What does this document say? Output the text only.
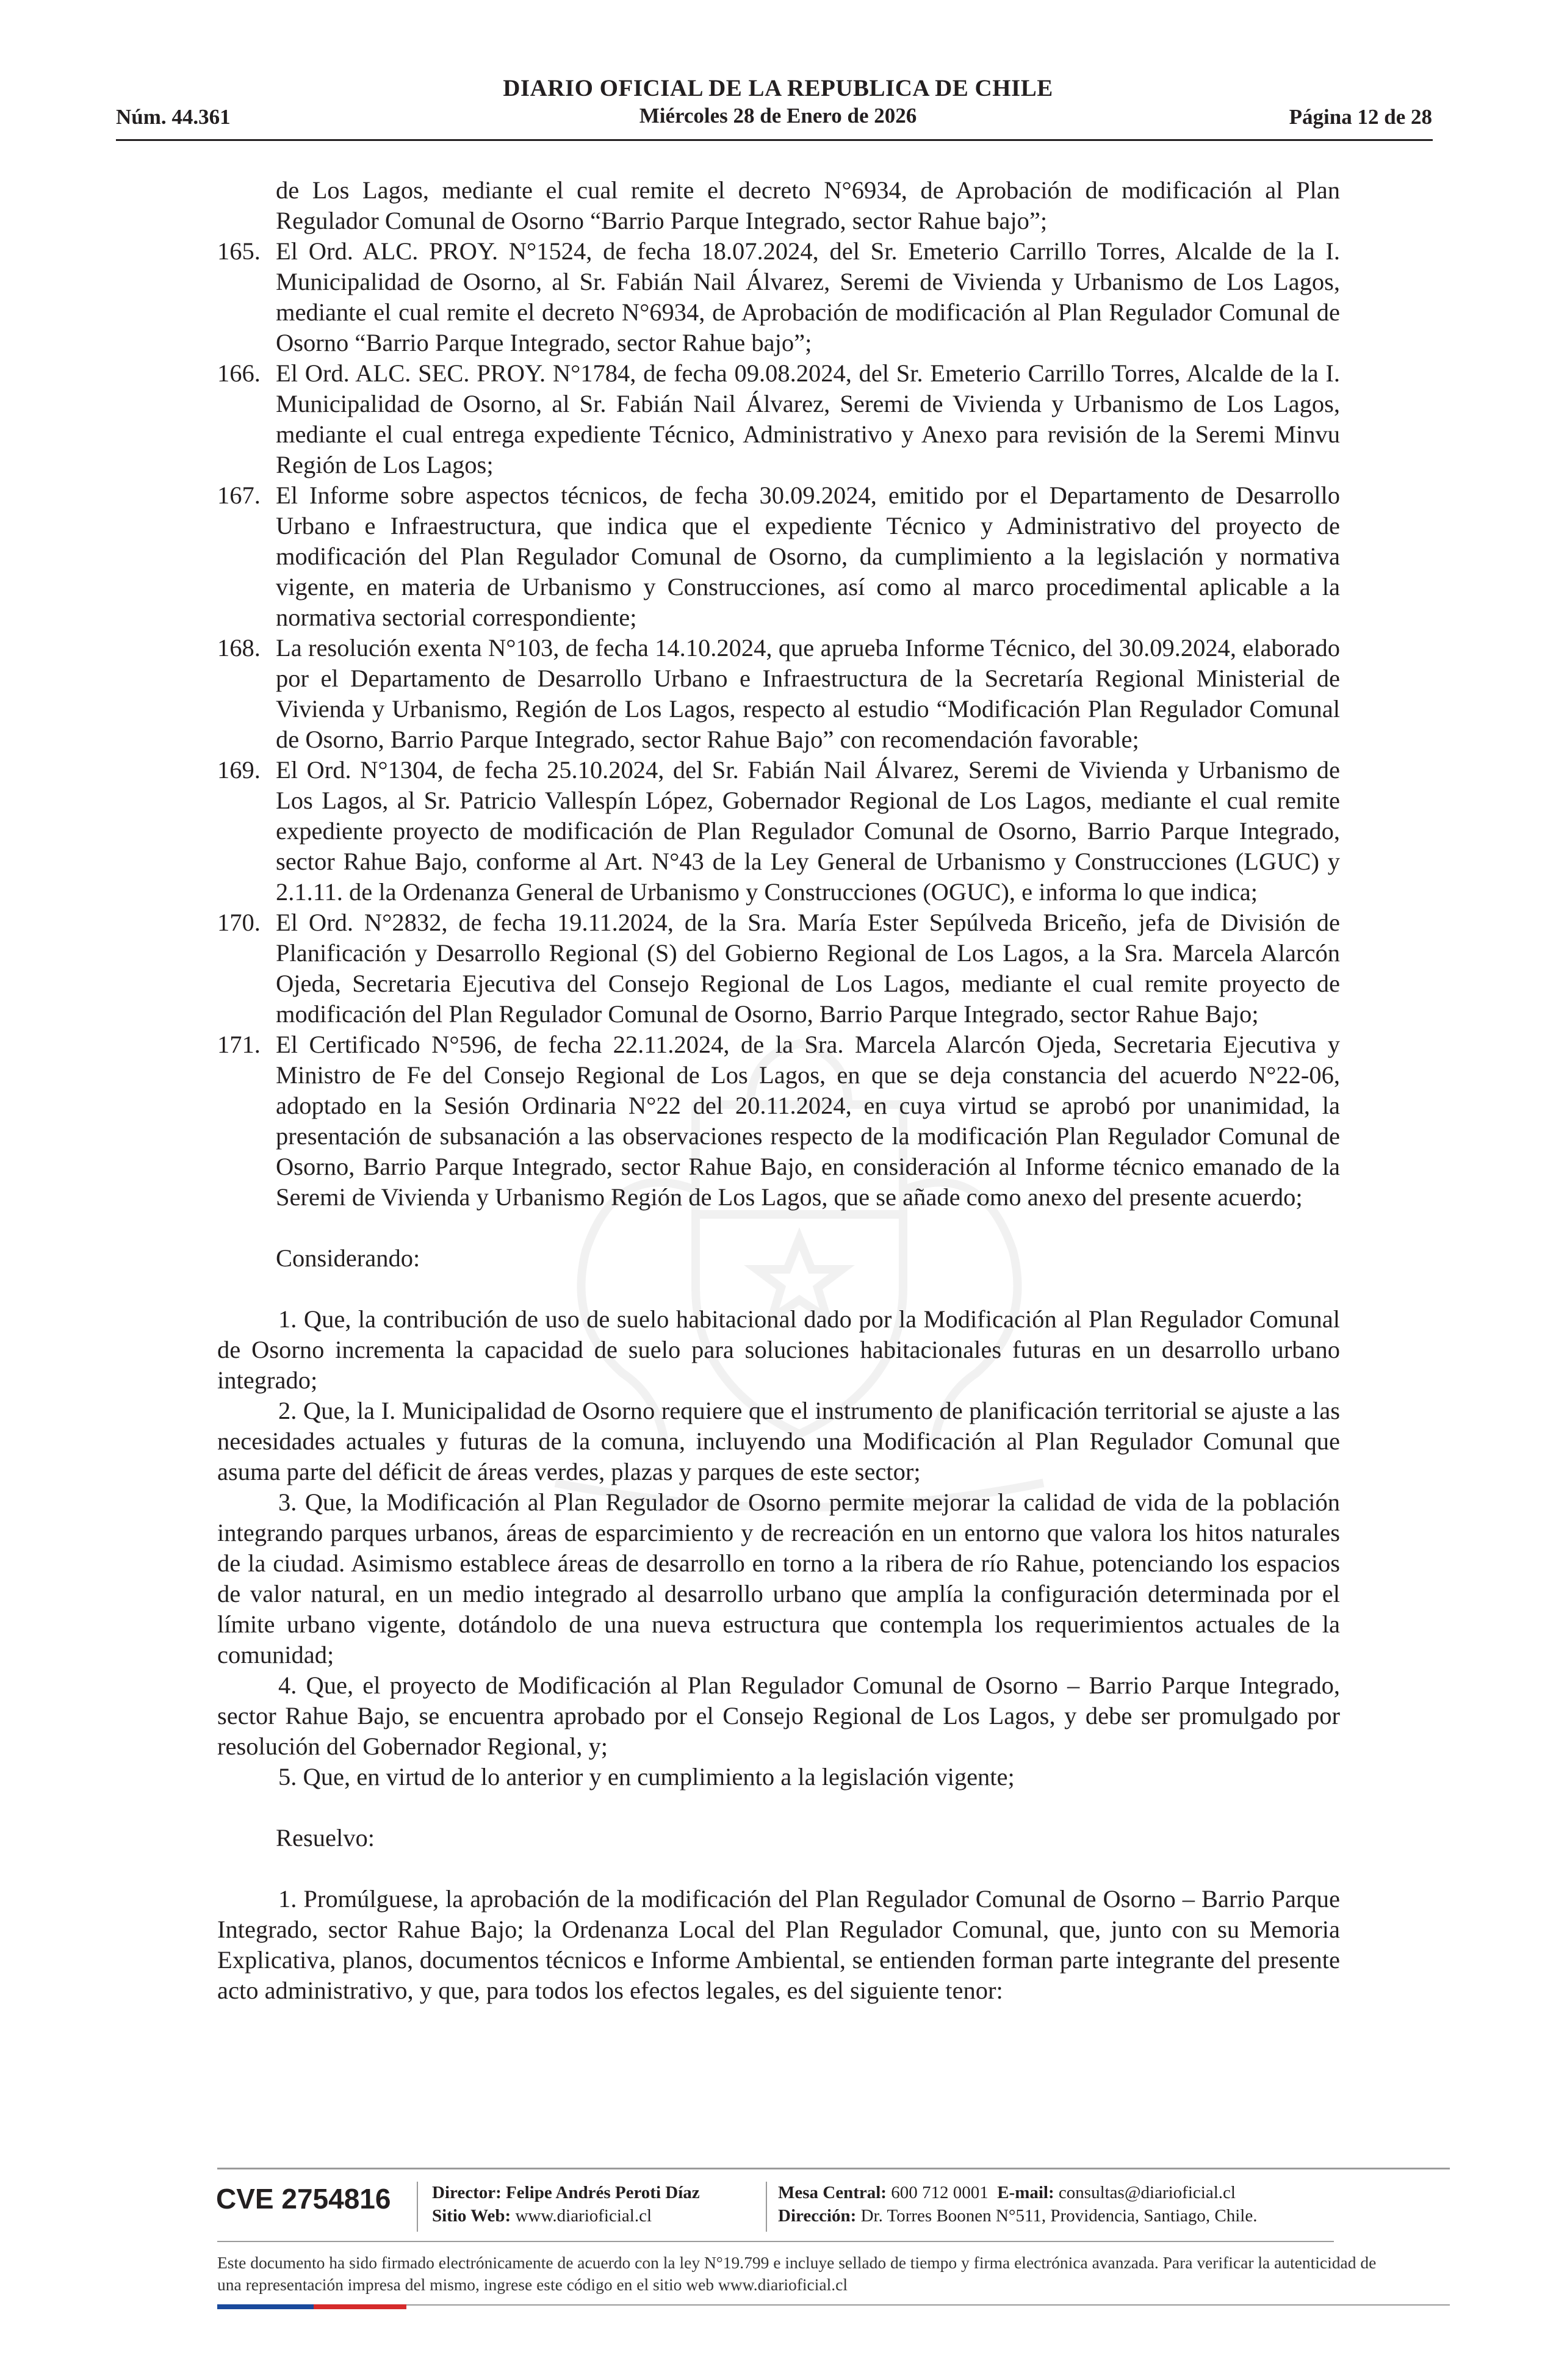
DIARIO OFICIAL DE LA REPUBLICA DE CHILE
Núm. 44.361	Miércoles 28 de Enero de 2026	Página 12 de 28

de Los Lagos, mediante el cual remite el decreto N°6934, de Aprobación de modificación al Plan Regulador Comunal de Osorno “Barrio Parque Integrado, sector Rahue bajo”;

165. El Ord. ALC. PROY. N°1524, de fecha 18.07.2024, del Sr. Emeterio Carrillo Torres, Alcalde de la I. Municipalidad de Osorno, al Sr. Fabián Nail Álvarez, Seremi de Vivienda y Urbanismo de Los Lagos, mediante el cual remite el decreto N°6934, de Aprobación de modificación al Plan Regulador Comunal de Osorno “Barrio Parque Integrado, sector Rahue bajo”;

166. El Ord. ALC. SEC. PROY. N°1784, de fecha 09.08.2024, del Sr. Emeterio Carrillo Torres, Alcalde de la I. Municipalidad de Osorno, al Sr. Fabián Nail Álvarez, Seremi de Vivienda y Urbanismo de Los Lagos, mediante el cual entrega expediente Técnico, Administrativo y Anexo para revisión de la Seremi Minvu Región de Los Lagos;

167. El Informe sobre aspectos técnicos, de fecha 30.09.2024, emitido por el Departamento de Desarrollo Urbano e Infraestructura, que indica que el expediente Técnico y Administrativo del proyecto de modificación del Plan Regulador Comunal de Osorno, da cumplimiento a la legislación y normativa vigente, en materia de Urbanismo y Construcciones, así como al marco procedimental aplicable a la normativa sectorial correspondiente;

168. La resolución exenta N°103, de fecha 14.10.2024, que aprueba Informe Técnico, del 30.09.2024, elaborado por el Departamento de Desarrollo Urbano e Infraestructura de la Secretaría Regional Ministerial de Vivienda y Urbanismo, Región de Los Lagos, respecto al estudio “Modificación Plan Regulador Comunal de Osorno, Barrio Parque Integrado, sector Rahue Bajo” con recomendación favorable;

169. El Ord. N°1304, de fecha 25.10.2024, del Sr. Fabián Nail Álvarez, Seremi de Vivienda y Urbanismo de Los Lagos, al Sr. Patricio Vallespín López, Gobernador Regional de Los Lagos, mediante el cual remite expediente proyecto de modificación de Plan Regulador Comunal de Osorno, Barrio Parque Integrado, sector Rahue Bajo, conforme al Art. N°43 de la Ley General de Urbanismo y Construcciones (LGUC) y 2.1.11. de la Ordenanza General de Urbanismo y Construcciones (OGUC), e informa lo que indica;

170. El Ord. N°2832, de fecha 19.11.2024, de la Sra. María Ester Sepúlveda Briceño, jefa de División de Planificación y Desarrollo Regional (S) del Gobierno Regional de Los Lagos, a la Sra. Marcela Alarcón Ojeda, Secretaria Ejecutiva del Consejo Regional de Los Lagos, mediante el cual remite proyecto de modificación del Plan Regulador Comunal de Osorno, Barrio Parque Integrado, sector Rahue Bajo;

171. El Certificado N°596, de fecha 22.11.2024, de la Sra. Marcela Alarcón Ojeda, Secretaria Ejecutiva y Ministro de Fe del Consejo Regional de Los Lagos, en que se deja constancia del acuerdo N°22-06, adoptado en la Sesión Ordinaria N°22 del 20.11.2024, en cuya virtud se aprobó por unanimidad, la presentación de subsanación a las observaciones respecto de la modificación Plan Regulador Comunal de Osorno, Barrio Parque Integrado, sector Rahue Bajo, en consideración al Informe técnico emanado de la Seremi de Vivienda y Urbanismo Región de Los Lagos, que se añade como anexo del presente acuerdo;

Considerando:

1. Que, la contribución de uso de suelo habitacional dado por la Modificación al Plan Regulador Comunal de Osorno incrementa la capacidad de suelo para soluciones habitacionales futuras en un desarrollo urbano integrado;

2. Que, la I. Municipalidad de Osorno requiere que el instrumento de planificación territorial se ajuste a las necesidades actuales y futuras de la comuna, incluyendo una Modificación al Plan Regulador Comunal que asuma parte del déficit de áreas verdes, plazas y parques de este sector;

3. Que, la Modificación al Plan Regulador de Osorno permite mejorar la calidad de vida de la población integrando parques urbanos, áreas de esparcimiento y de recreación en un entorno que valora los hitos naturales de la ciudad. Asimismo establece áreas de desarrollo en torno a la ribera de río Rahue, potenciando los espacios de valor natural, en un medio integrado al desarrollo urbano que amplía la configuración determinada por el límite urbano vigente, dotándolo de una nueva estructura que contempla los requerimientos actuales de la comunidad;

4. Que, el proyecto de Modificación al Plan Regulador Comunal de Osorno – Barrio Parque Integrado, sector Rahue Bajo, se encuentra aprobado por el Consejo Regional de Los Lagos, y debe ser promulgado por resolución del Gobernador Regional, y;

5. Que, en virtud de lo anterior y en cumplimiento a la legislación vigente;

Resuelvo:

1. Promúlguese, la aprobación de la modificación del Plan Regulador Comunal de Osorno – Barrio Parque Integrado, sector Rahue Bajo; la Ordenanza Local del Plan Regulador Comunal, que, junto con su Memoria Explicativa, planos, documentos técnicos e Informe Ambiental, se entienden forman parte integrante del presente acto administrativo, y que, para todos los efectos legales, es del siguiente tenor:

CVE 2754816 Director: Felipe Andrés Peroti Díaz
Sitio Web: www.diarioficial.cl
Mesa Central: 600 712 0001 E-mail: consultas@diarioficial.cl
Dirección: Dr. Torres Boonen N°511, Providencia, Santiago, Chile.
Este documento ha sido firmado electrónicamente de acuerdo con la ley N°19.799 e incluye sellado de tiempo y firma electrónica avanzada. Para verificar la autenticidad de una representación impresa del mismo, ingrese este código en el sitio web www.diarioficial.cl
